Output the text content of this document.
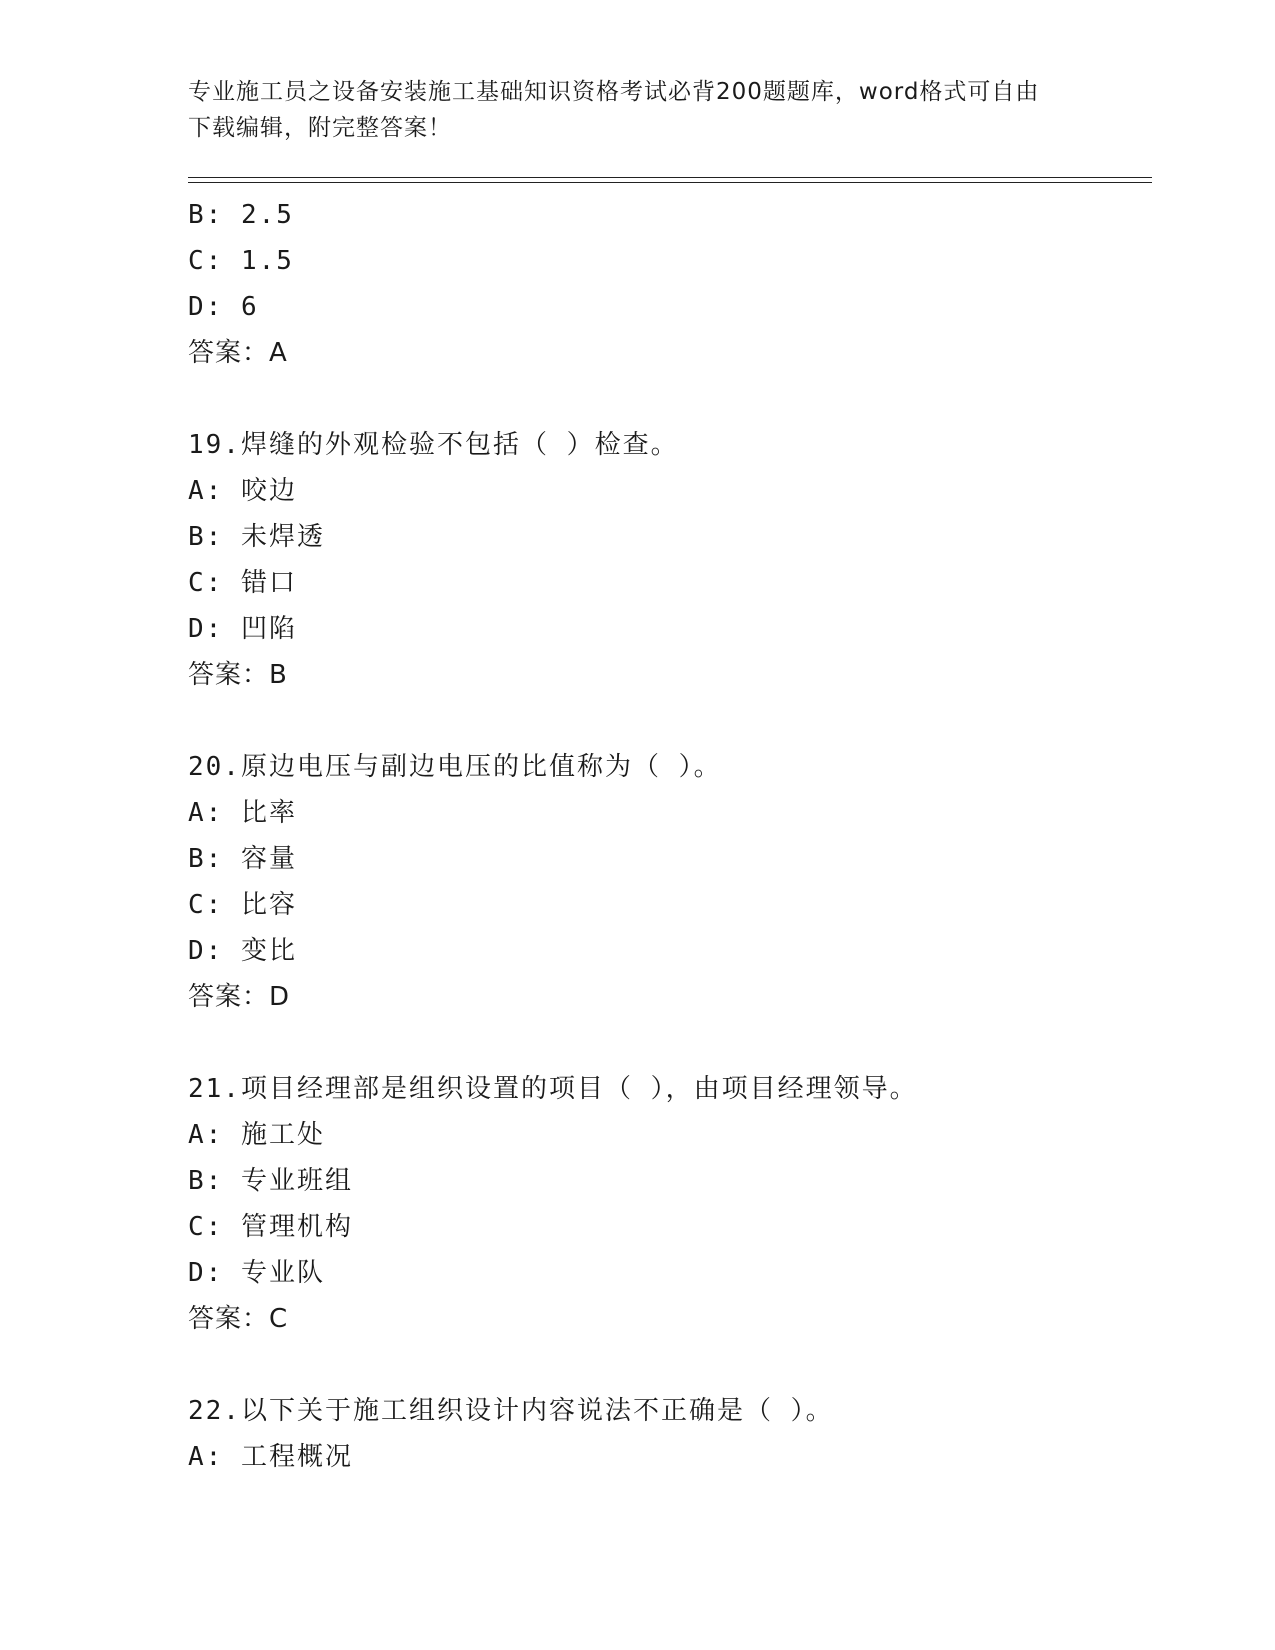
专业施工员之设备安装施工基础知识资格考试必背200题题库，word格式可自由
下载编辑，附完整答案！
B: 2.5
C: 1.5
D: 6
答案：A
19.焊缝的外观检验不包括（ ）检查。
A: 咬边
B: 未焊透
C: 错口
D: 凹陷
答案：B
20.原边电压与副边电压的比值称为（ ）。
A: 比率
B: 容量
C: 比容
D: 变比
答案：D
21.项目经理部是组织设置的项目（ ），由项目经理领导。
A: 施工处
B: 专业班组
C: 管理机构
D: 专业队
答案：C
22.以下关于施工组织设计内容说法不正确是（ ）。
A: 工程概况
